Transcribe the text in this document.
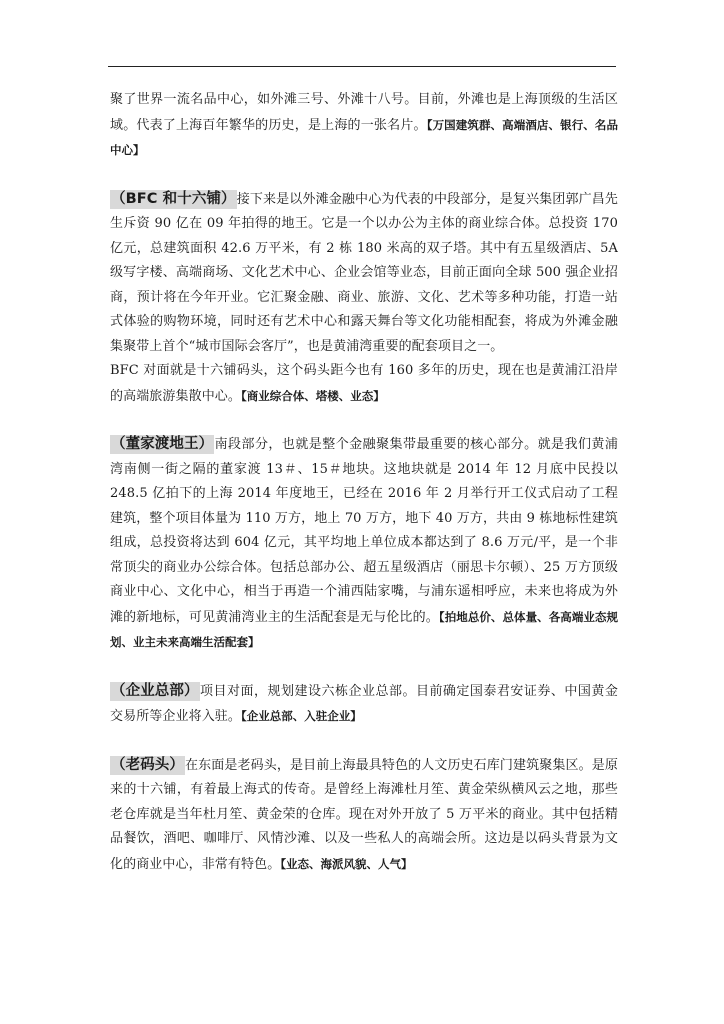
聚了世界一流名品中心，如外滩三号、外滩十八号。目前，外滩也是上海顶级的生活区域。代表了上海百年繁华的历史，是上海的一张名片。【万国建筑群、高端酒店、银行、名品中心】

（BFC 和十六铺）接下来是以外滩金融中心为代表的中段部分，是复兴集团郭广昌先生斥资 90 亿在 09 年拍得的地王。它是一个以办公为主体的商业综合体。总投资 170 亿元，总建筑面积 42.6 万平米，有 2 栋 180 米高的双子塔。其中有五星级酒店、5A 级写字楼、高端商场、文化艺术中心、企业会馆等业态，目前正面向全球 500 强企业招商，预计将在今年开业。它汇聚金融、商业、旅游、文化、艺术等多种功能，打造一站式体验的购物环境，同时还有艺术中心和露天舞台等文化功能相配套，将成为外滩金融集聚带上首个“城市国际会客厅”，也是黄浦湾重要的配套项目之一。

BFC 对面就是十六铺码头，这个码头距今也有 160 多年的历史，现在也是黄浦江沿岸的高端旅游集散中心。【商业综合体、塔楼、业态】

（董家渡地王）南段部分，也就是整个金融聚集带最重要的核心部分。就是我们黄浦湾南侧一街之隔的董家渡 13＃、15＃地块。这地块就是 2014 年 12 月底中民投以 248.5 亿拍下的上海 2014 年度地王，已经在 2016 年 2 月举行开工仪式启动了工程建筑，整个项目体量为 110 万方，地上 70 万方，地下 40 万方，共由 9 栋地标性建筑组成，总投资将达到 604 亿元，其平均地上单位成本都达到了 8.6 万元/平，是一个非常顶尖的商业办公综合体。包括总部办公、超五星级酒店（丽思卡尔顿）、25 万方顶级商业中心、文化中心，相当于再造一个浦西陆家嘴，与浦东遥相呼应，未来也将成为外滩的新地标，可见黄浦湾业主的生活配套是无与伦比的。【拍地总价、总体量、各高端业态规划、业主未来高端生活配套】

（企业总部）项目对面，规划建设六栋企业总部。目前确定国泰君安证券、中国黄金交易所等企业将入驻。【企业总部、入驻企业】

（老码头）在东面是老码头，是目前上海最具特色的人文历史石库门建筑聚集区。是原来的十六铺，有着最上海式的传奇。是曾经上海滩杜月笙、黄金荣纵横风云之地，那些老仓库就是当年杜月笙、黄金荣的仓库。现在对外开放了 5 万平米的商业。其中包括精品餐饮，酒吧、咖啡厅、风情沙滩、以及一些私人的高端会所。这边是以码头背景为文化的商业中心，非常有特色。【业态、海派风貌、人气】
